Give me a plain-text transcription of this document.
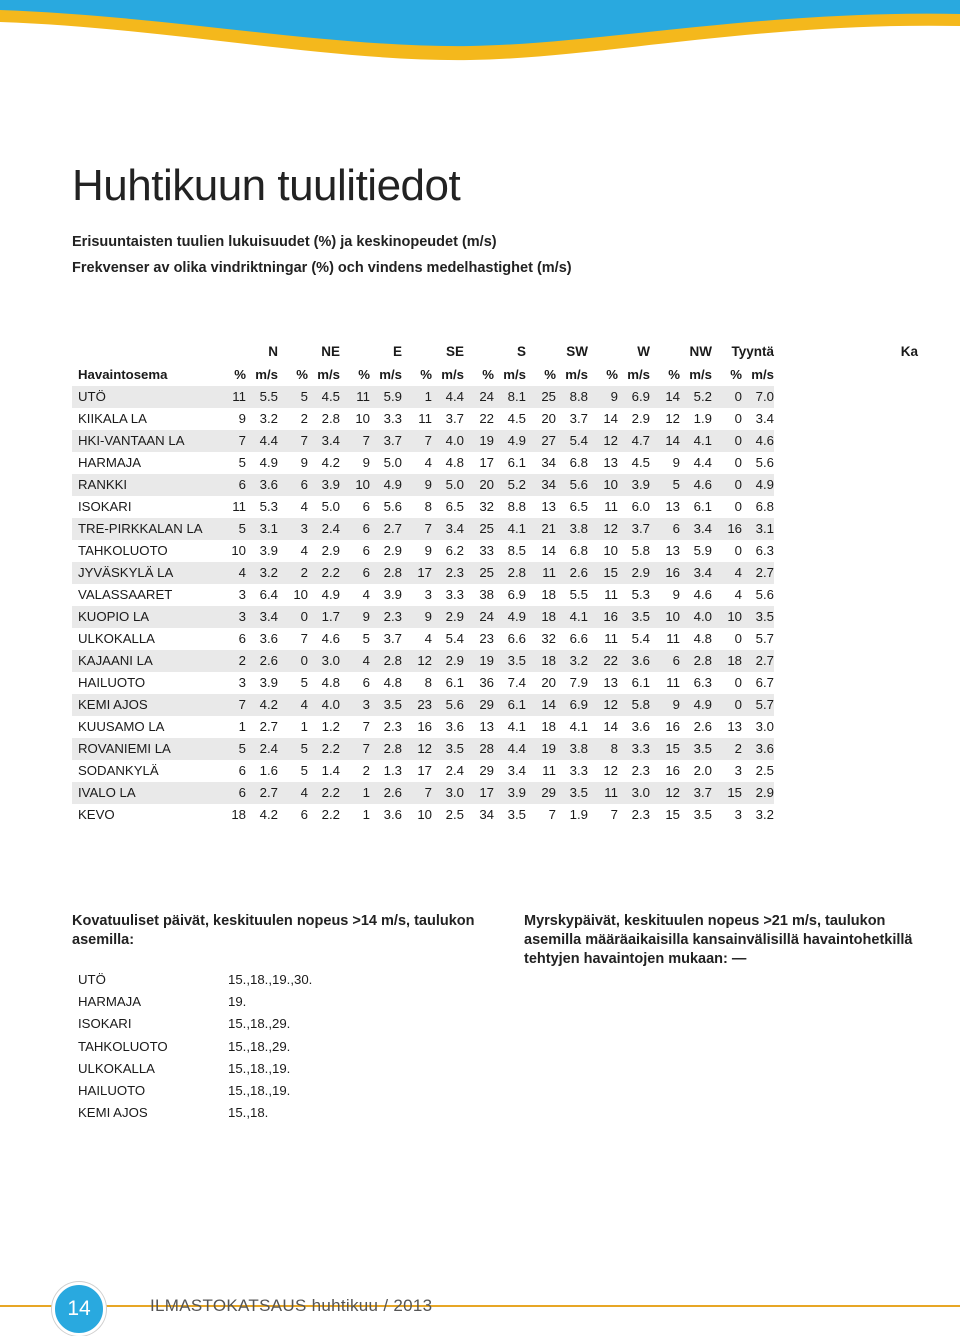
Huhtikuun tuulitiedot
Erisuuntaisten tuulien lukuisuudet (%) ja keskinopeudet (m/s)
Frekvenser av olika vindriktningar (%) och vindens medelhastighet (m/s)
	N		NE		E		SE		S		SW		W		NW		Tyyntä		Ka
Havaintosema	%	m/s	%	m/s	%	m/s	%	m/s	%	m/s	%	m/s	%	m/s	%	m/s	%	m/s	
UTÖ	11	5.5	5	4.5	11	5.9	1	4.4	24	8.1	25	8.8	9	6.9	14	5.2	0	7.0	
KIIKALA LA	9	3.2	2	2.8	10	3.3	11	3.7	22	4.5	20	3.7	14	2.9	12	1.9	0	3.4	
HKI-VANTAAN LA	7	4.4	7	3.4	7	3.7	7	4.0	19	4.9	27	5.4	12	4.7	14	4.1	0	4.6	
HARMAJA	5	4.9	9	4.2	9	5.0	4	4.8	17	6.1	34	6.8	13	4.5	9	4.4	0	5.6	
RANKKI	6	3.6	6	3.9	10	4.9	9	5.0	20	5.2	34	5.6	10	3.9	5	4.6	0	4.9	
ISOKARI	11	5.3	4	5.0	6	5.6	8	6.5	32	8.8	13	6.5	11	6.0	13	6.1	0	6.8	
TRE-PIRKKALAN LA	5	3.1	3	2.4	6	2.7	7	3.4	25	4.1	21	3.8	12	3.7	6	3.4	16	3.1	
TAHKOLUOTO	10	3.9	4	2.9	6	2.9	9	6.2	33	8.5	14	6.8	10	5.8	13	5.9	0	6.3	
JYVÄSKYLÄ LA	4	3.2	2	2.2	6	2.8	17	2.3	25	2.8	11	2.6	15	2.9	16	3.4	4	2.7	
VALASSAARET	3	6.4	10	4.9	4	3.9	3	3.3	38	6.9	18	5.5	11	5.3	9	4.6	4	5.6	
KUOPIO LA	3	3.4	0	1.7	9	2.3	9	2.9	24	4.9	18	4.1	16	3.5	10	4.0	10	3.5	
ULKOKALLA	6	3.6	7	4.6	5	3.7	4	5.4	23	6.6	32	6.6	11	5.4	11	4.8	0	5.7	
KAJAANI LA	2	2.6	0	3.0	4	2.8	12	2.9	19	3.5	18	3.2	22	3.6	6	2.8	18	2.7	
HAILUOTO	3	3.9	5	4.8	6	4.8	8	6.1	36	7.4	20	7.9	13	6.1	11	6.3	0	6.7	
KEMI AJOS	7	4.2	4	4.0	3	3.5	23	5.6	29	6.1	14	6.9	12	5.8	9	4.9	0	5.7	
KUUSAMO LA	1	2.7	1	1.2	7	2.3	16	3.6	13	4.1	18	4.1	14	3.6	16	2.6	13	3.0	
ROVANIEMI LA	5	2.4	5	2.2	7	2.8	12	3.5	28	4.4	19	3.8	8	3.3	15	3.5	2	3.6	
SODANKYLÄ	6	1.6	5	1.4	2	1.3	17	2.4	29	3.4	11	3.3	12	2.3	16	2.0	3	2.5	
IVALO LA	6	2.7	4	2.2	1	2.6	7	3.0	17	3.9	29	3.5	11	3.0	12	3.7	15	2.9	
KEVO	18	4.2	6	2.2	1	3.6	10	2.5	34	3.5	7	1.9	7	2.3	15	3.5	3	3.2	

Kovatuuliset päivät, keskituulen nopeus >14 m/s, taulukon asemilla:

UTÖ	15.,18.,19.,30.
HARMAJA	19.
ISOKARI	15.,18.,29.
TAHKOLUOTO	15.,18.,29.
ULKOKALLA	15.,18.,19.
HAILUOTO	15.,18.,19.
KEMI AJOS	15.,18.

Myrskypäivät, keskituulen nopeus >21 m/s, taulukon asemilla määräaikaisilla kansainvälisillä havaintohetkillä tehtyjen havaintojen mukaan: —

14	ILMASTOKATSAUS huhtikuu / 2013
